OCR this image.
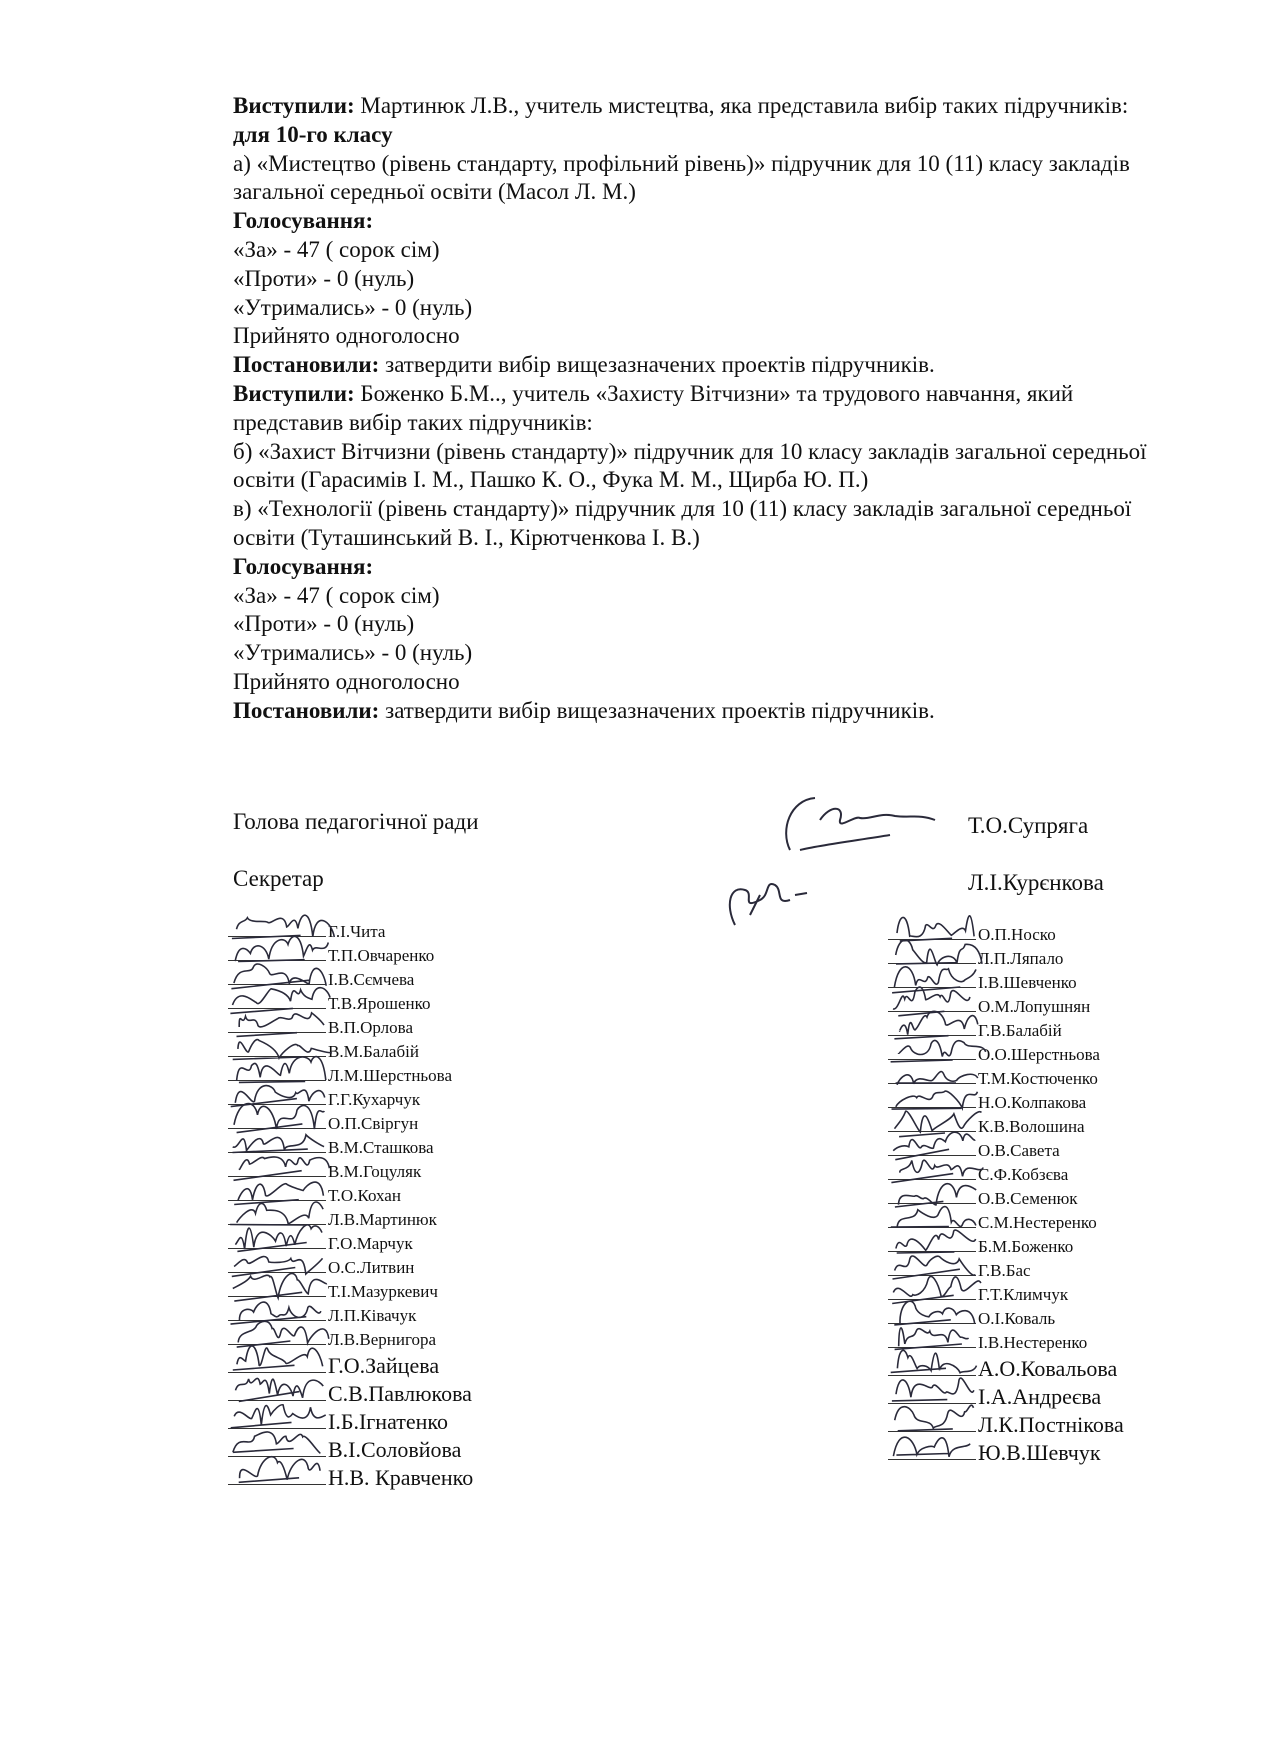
Виступили: Мартинюк Л.В., учитель мистецтва, яка представила вибір таких підручників:

для 10-го класу

а) «Мистецтво (рівень стандарту, профільний рівень)» підручник для 10 (11) класу закладів загальної середньої освіти (Масол Л. М.)

Голосування:

«За» - 47 ( сорок сім)

«Проти» - 0 (нуль)

«Утримались» - 0 (нуль)

Прийнято одноголосно

Постановили: затвердити вибір вищезазначених проектів підручників.

Виступили: Боженко Б.М.., учитель «Захисту Вітчизни» та трудового навчання, який представив вибір таких підручників:

б) «Захист Вітчизни (рівень стандарту)» підручник для 10 класу закладів загальної середньої освіти (Гарасимів І. М., Пашко К. О., Фука М. М., Щирба Ю. П.)

в) «Технології (рівень стандарту)» підручник для 10 (11) класу закладів загальної середньої освіти (Туташинський В. І., Кірютченкова І. В.)

Голосування:

«За» - 47 ( сорок сім)

«Проти» - 0 (нуль)

«Утримались» - 0 (нуль)

Прийнято одноголосно

Постановили: затвердити вибір вищезазначених проектів підручників.

Голова педагогічної ради	Т.О.Супряга
Секретар	Л.І.Курєнкова
Г.І.Чита
Т.П.Овчаренко
І.В.Сємчева
Т.В.Ярошенко
В.П.Орлова
В.М.Балабій
Л.М.Шерстньова
Г.Г.Кухарчук
О.П.Свіргун
В.М.Сташкова
В.М.Гоцуляк
Т.О.Кохан
Л.В.Мартинюк
Г.О.Марчук
О.С.Литвин
Т.І.Мазуркевич
Л.П.Ківачук
Л.В.Вернигора
Г.О.Зайцева
С.В.Павлюкова
І.Б.Ігнатенко
В.І.Соловйова
Н.В. Кравченко
О.П.Носко
Л.П.Ляпало
І.В.Шевченко
О.М.Лопушнян
Г.В.Балабій
О.О.Шерстньова
Т.М.Костюченко
Н.О.Колпакова
К.В.Волошина
О.В.Савета
С.Ф.Кобзєва
О.В.Семенюк
С.М.Нестеренко
Б.М.Боженко
Г.В.Бас
Г.Т.Климчук
О.І.Коваль
І.В.Нестеренко
А.О.Ковальова
І.А.Андреєва
Л.К.Постнікова
Ю.В.Шевчук
